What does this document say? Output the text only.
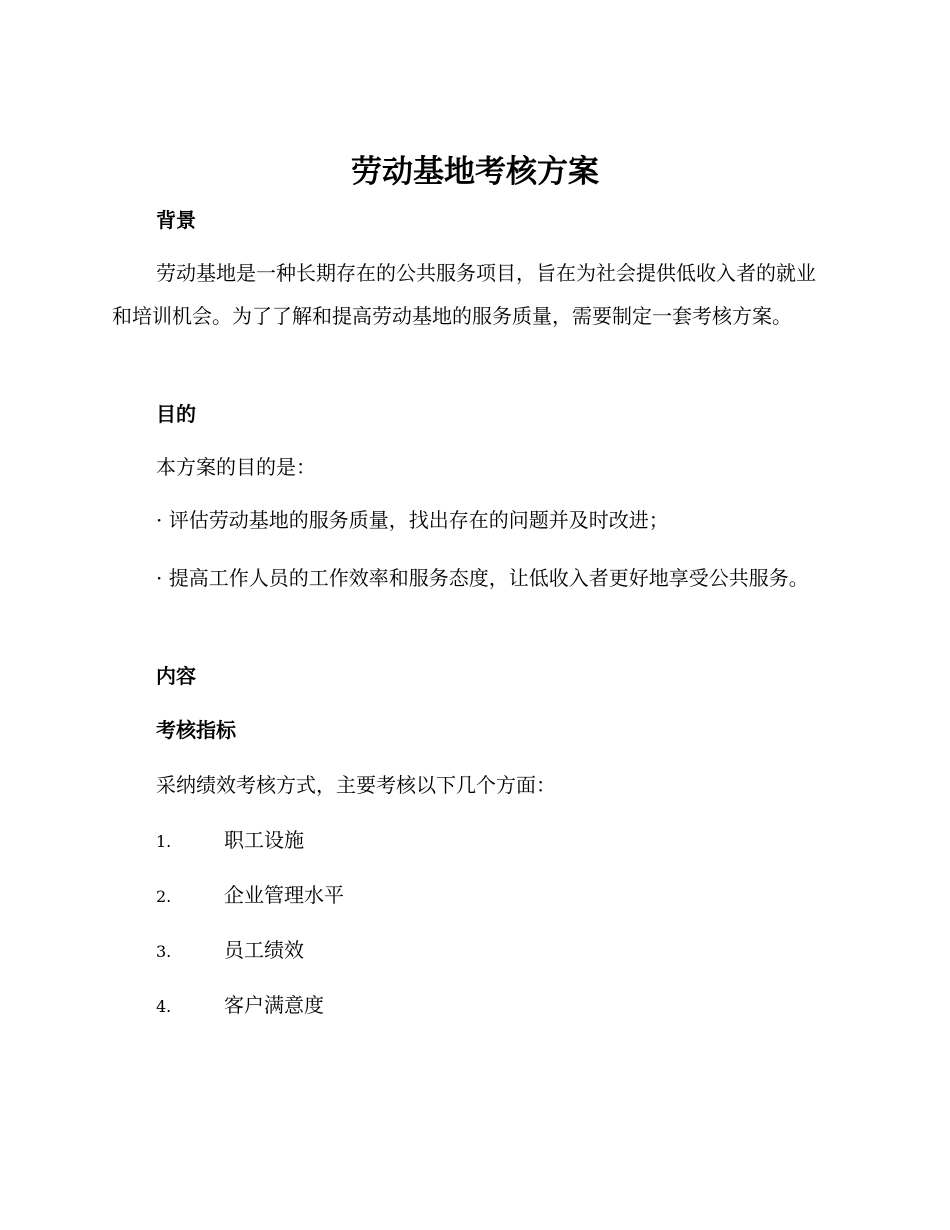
劳动基地考核方案
背景

劳动基地是一种长期存在的公共服务项目，旨在为社会提供低收入者的就业和培训机会。为了了解和提高劳动基地的服务质量，需要制定一套考核方案。

目的

本方案的目的是：

· 评估劳动基地的服务质量，找出存在的问题并及时改进；

· 提高工作人员的工作效率和服务态度，让低收入者更好地享受公共服务。

内容
考核指标

采纳绩效考核方式，主要考核以下几个方面：

1.	职工设施
2.	企业管理水平
3.	员工绩效
4.	客户满意度
